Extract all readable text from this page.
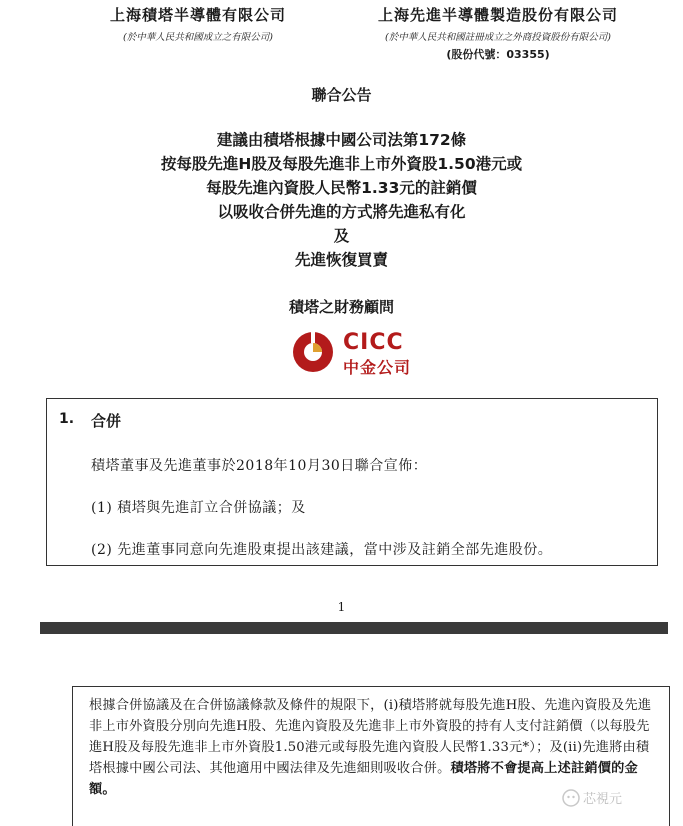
上海積塔半導體有限公司
(於中華人民共和國成立之有限公司)
上海先進半導體製造股份有限公司
(於中華人民共和國註冊成立之外商投資股份有限公司)
(股份代號：03355)
聯合公告
建議由積塔根據中國公司法第172條
按每股先進H股及每股先進非上市外資股1.50港元或
每股先進內資股人民幣1.33元的註銷價
以吸收合併先進的方式將先進私有化
及
先進恢復買賣
積塔之財務顧問
CICC
中金公司
1. 合併
積塔董事及先進董事於2018年10月30日聯合宣佈：
(1) 積塔與先進訂立合併協議；及
(2) 先進董事同意向先進股東提出該建議，當中涉及註銷全部先進股份。
1
根據合併協議及在合併協議條款及條件的規限下，(i)積塔將就每股先進H股、先進內資股及先進非上市外資股分別向先進H股、先進內資股及先進非上市外資股的持有人支付註銷價（以每股先進H股及每股先進非上市外資股1.50港元或每股先進內資股人民幣1.33元*）；及(ii)先進將由積塔根據中國公司法、其他適用中國法律及先進細則吸收合併。積塔將不會提高上述註銷價的金額。
芯視元
